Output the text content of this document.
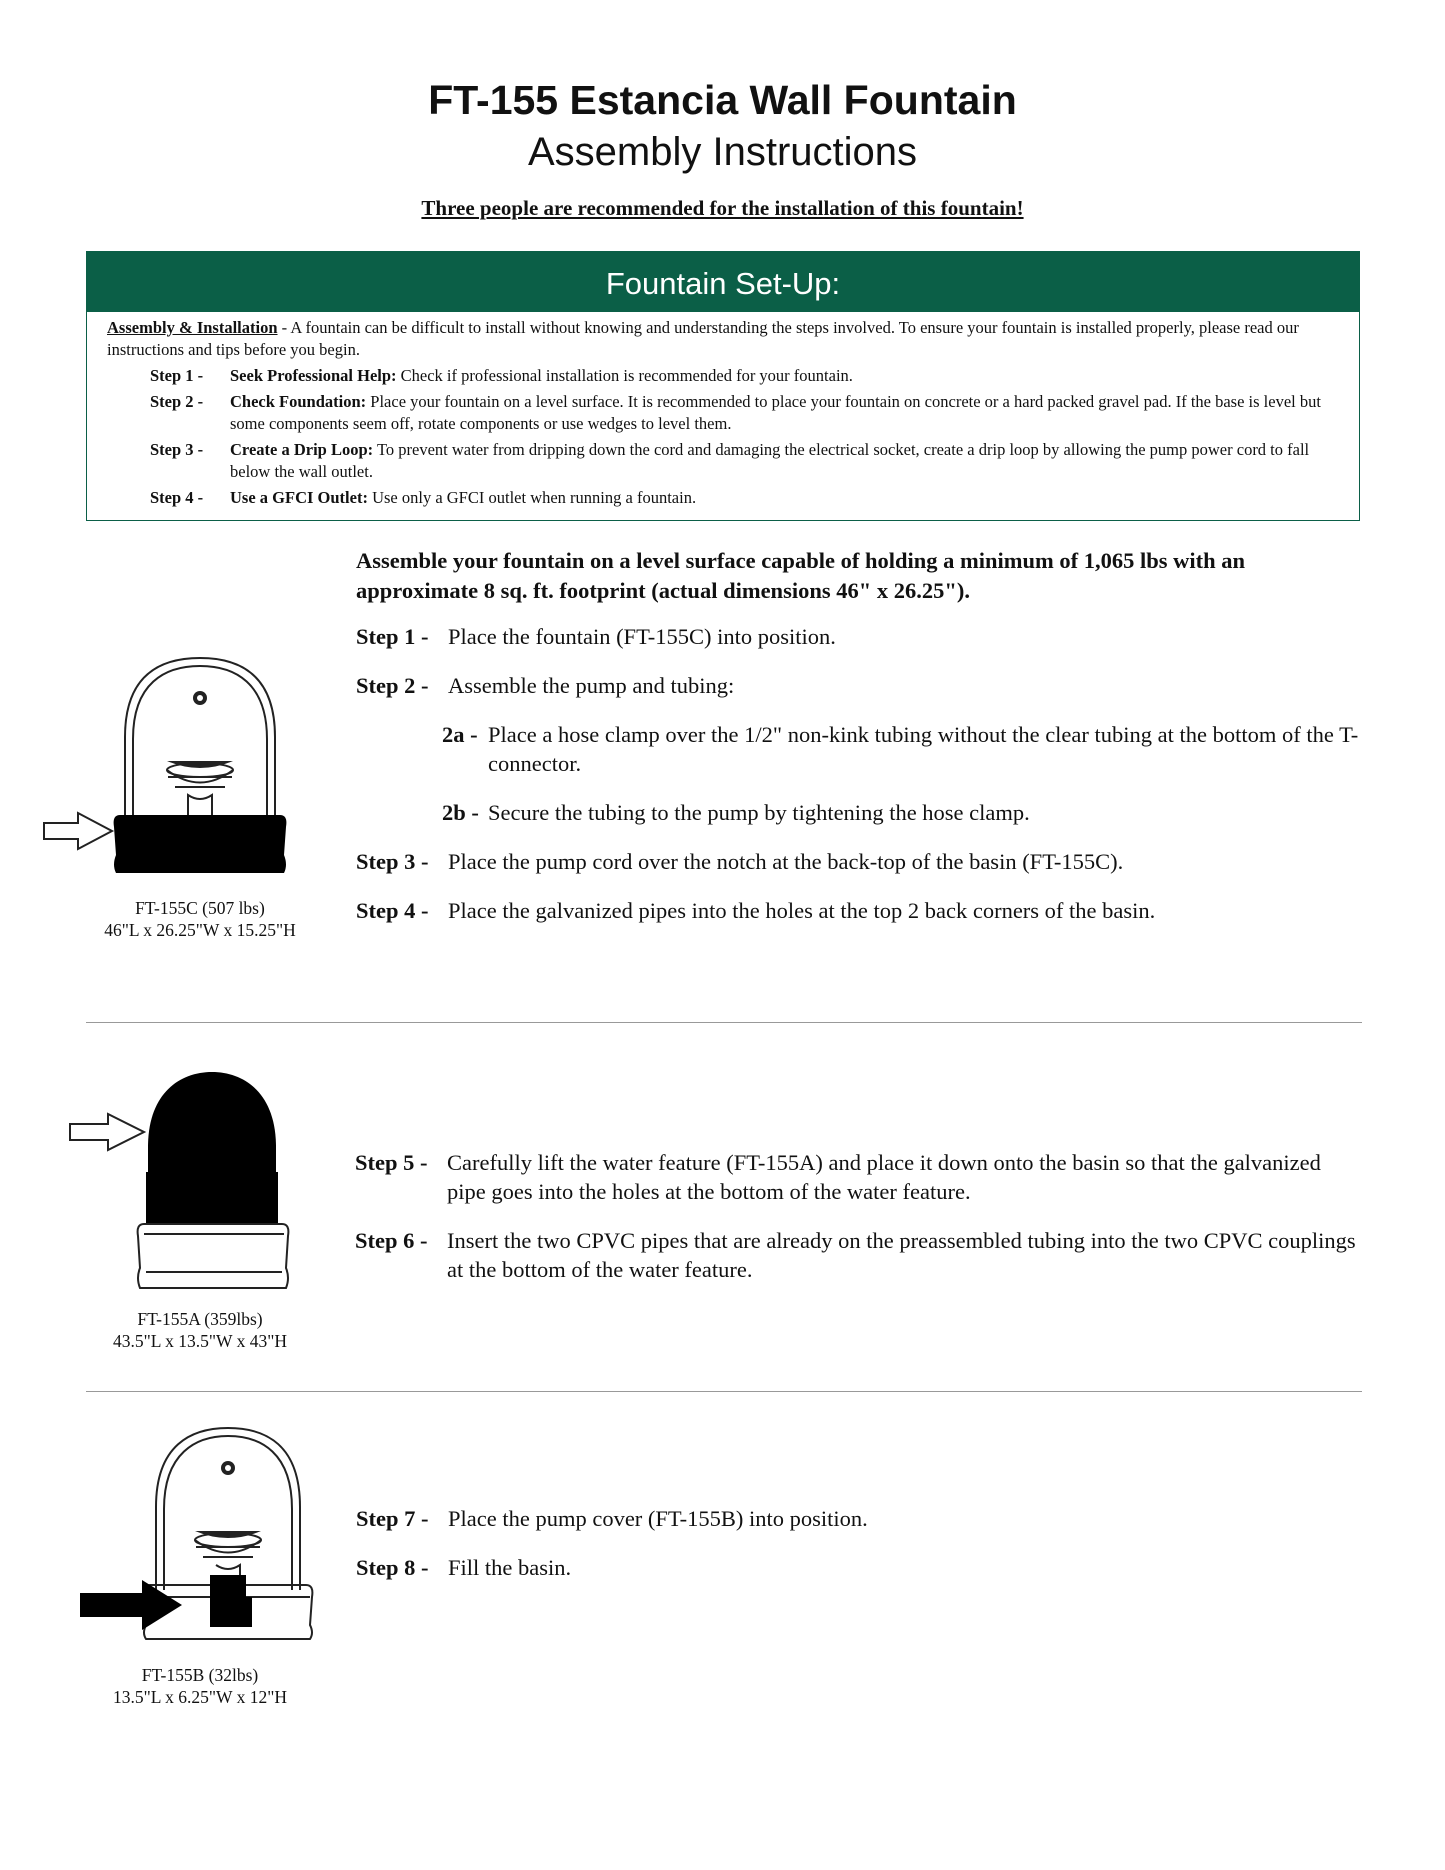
FT-155 Estancia Wall Fountain
Assembly Instructions
Three people are recommended for the installation of this fountain!
Fountain Set-Up:

Assembly & Installation - A fountain can be difficult to install without knowing and understanding the steps involved. To ensure your fountain is installed properly, please read our instructions and tips before you begin.

Step 1 -	Seek Professional Help: Check if professional installation is recommended for your fountain.
Step 2 -	Check Foundation: Place your fountain on a level surface. It is recommended to place your fountain on concrete or a hard packed gravel pad. If the base is level but some components seem off, rotate components or use wedges to level them.
Step 3 -	Create a Drip Loop: To prevent water from dripping down the cord and damaging the electrical socket, create a drip loop by allowing the pump power cord to fall below the wall outlet.
Step 4 -	Use a GFCI Outlet: Use only a GFCI outlet when running a fountain.
Assemble your fountain on a level surface capable of holding a minimum of 1,065 lbs with an approximate 8 sq. ft. footprint (actual dimensions 46" x 26.25").
Step 1 - Place the fountain (FT-155C) into position.
Step 2 - Assemble the pump and tubing:
2a - Place a hose clamp over the 1/2" non-kink tubing without the clear tubing at the bottom of the T-connector.
2b - Secure the tubing to the pump by tightening the hose clamp.
Step 3 - Place the pump cord over the notch at the back-top of the basin (FT-155C).
Step 4 - Place the galvanized pipes into the holes at the top 2 back corners of the basin.
FT-155C (507 lbs)
46"L x 26.25"W x 15.25"H
Step 5 - Carefully lift the water feature (FT-155A) and place it down onto the basin so that the galvanized pipe goes into the holes at the bottom of the water feature.
Step 6 - Insert the two CPVC pipes that are already on the preassembled tubing into the two CPVC couplings at the bottom of the water feature.
FT-155A (359lbs)
43.5"L x 13.5"W x 43"H
Step 7 - Place the pump cover (FT-155B) into position.
Step 8 - Fill the basin.
FT-155B (32lbs)
13.5"L x 6.25"W x 12"H
